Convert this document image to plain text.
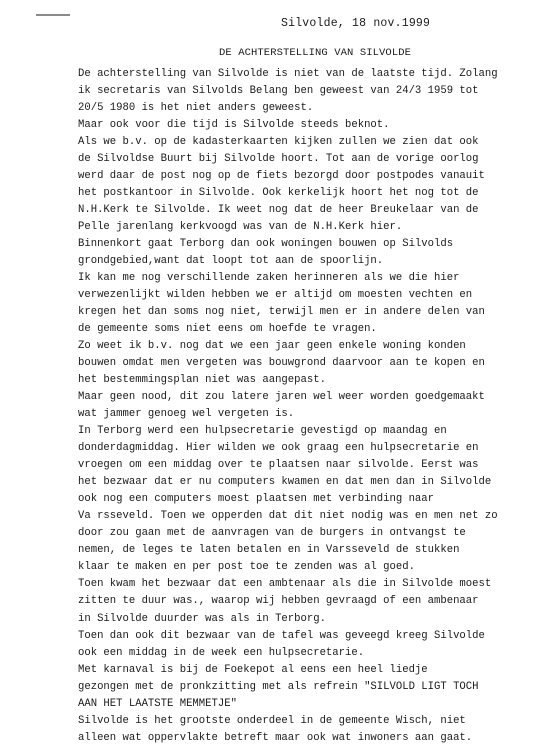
Silvolde, 18 nov.1999
DE ACHTERSTELLING VAN SILVOLDE
De achterstelling van Silvolde is niet van de laatste tijd. Zolang
ik secretaris van Silvolds Belang ben geweest van 24/3 1959 tot
20/5 1980 is het niet anders geweest.
Maar ook voor die tijd is Silvolde steeds beknot.
Als we b.v. op de kadasterkaarten kijken zullen we zien dat ook
de Silvoldse Buurt bij Silvolde hoort. Tot aan de vorige oorlog
werd daar de post nog op de fiets bezorgd door postpodes vanauit
het postkantoor in Silvolde. Ook kerkelijk hoort het nog tot de
N.H.Kerk te Silvolde. Ik weet nog dat de heer Breukelaar van de
Pelle jarenlang kerkvoogd was van de N.H.Kerk hier.
Binnenkort gaat Terborg dan ook woningen bouwen op Silvolds
grondgebied,want dat loopt tot aan de spoorlijn.
Ik kan me nog verschillende zaken herinneren als we die hier
verwezenlijkt wilden hebben we er altijd om moesten vechten en
kregen het dan soms nog niet, terwijl men er in andere delen van
de gemeente soms niet eens om hoefde te vragen.
Zo weet ik b.v. nog dat we een jaar geen enkele woning konden
bouwen omdat men vergeten was bouwgrond daarvoor aan te kopen en
het bestemmingsplan niet was aangepast.
Maar geen nood, dit zou latere jaren wel weer worden goedgemaakt
wat jammer genoeg wel vergeten is.
In Terborg werd een hulpsecretarie gevestigd op maandag en
donderdagmiddag. Hier wilden we ook graag een hulpsecretarie en
vroegen om een middag over te plaatsen naar silvolde. Eerst was
het bezwaar dat er nu computers kwamen en dat men dan in Silvolde
ook nog een computers moest plaatsen met verbinding naar
Va rsseveld. Toen we opperden dat dit niet nodig was en men net zo
door zou gaan met de aanvragen van de burgers in ontvangst te
nemen, de leges te laten betalen en in Varsseveld de stukken
klaar te maken en per post toe te zenden was al goed.
Toen kwam het bezwaar dat een ambtenaar als die in Silvolde moest
zitten te duur was., waarop wij hebben gevraagd of een ambenaar
in Silvolde duurder was als in Terborg.
Toen dan ook dit bezwaar van de tafel was geveegd kreeg Silvolde
ook een middag in de week een hulpsecretarie.
Met karnaval is bij de Foekepot al eens een heel liedje
gezongen met de pronkzitting met als refrein "SILVOLD LIGT TOCH
AAN HET LAATSTE MEMMETJE"
Silvolde is het grootste onderdeel in de gemeente Wisch, niet
alleen wat oppervlakte betreft maar ook wat inwoners aan gaat.
